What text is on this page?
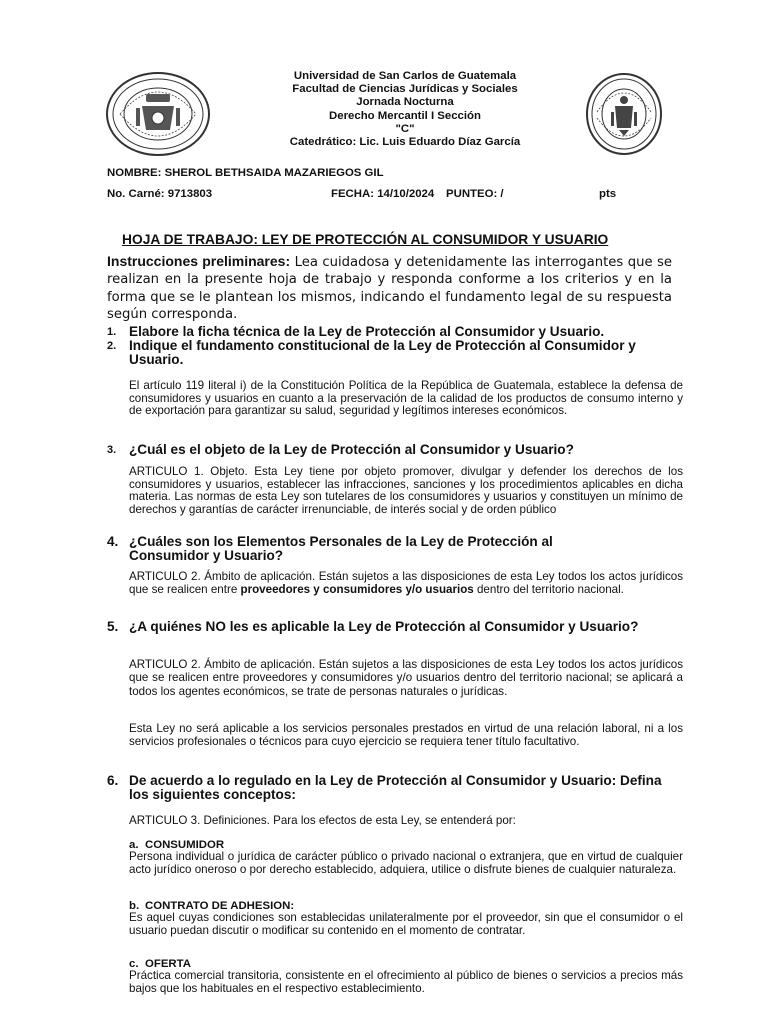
Universidad de San Carlos de Guatemala
Facultad de Ciencias Jurídicas y Sociales
Jornada Nocturna
Derecho Mercantil I Sección
"C"
Catedrático: Lic. Luis Eduardo Díaz García
NOMBRE: SHEROL BETHSAIDA MAZARIEGOS GIL
No. Carné: 9713803	FECHA: 14/10/2024 PUNTEO: /	pts
HOJA DE TRABAJO: LEY DE PROTECCIÓN AL CONSUMIDOR Y USUARIO

Instrucciones preliminares: Lea cuidadosa y detenidamente las interrogantes que se realizan en la presente hoja de trabajo y responda conforme a los criterios y en la forma que se le plantean los mismos, indicando el fundamento legal de su respuesta según corresponda.

1. Elabore la ficha técnica de la Ley de Protección al Consumidor y Usuario.
2. Indique el fundamento constitucional de la Ley de Protección al Consumidor y Usuario.

El artículo 119 literal i) de la Constitución Política de la República de Guatemala, establece la defensa de consumidores y usuarios en cuanto a la preservación de la calidad de los productos de consumo interno y de exportación para garantizar su salud, seguridad y legítimos intereses económicos.

3. ¿Cuál es el objeto de la Ley de Protección al Consumidor y Usuario?

ARTICULO 1. Objeto. Esta Ley tiene por objeto promover, divulgar y defender los derechos de los consumidores y usuarios, establecer las infracciones, sanciones y los procedimientos aplicables en dicha materia. Las normas de esta Ley son tutelares de los consumidores y usuarios y constituyen un mínimo de derechos y garantías de carácter irrenunciable, de interés social y de orden público

4. ¿Cuáles son los Elementos Personales de la Ley de Protección al Consumidor y Usuario?

ARTICULO 2. Ámbito de aplicación. Están sujetos a las disposiciones de esta Ley todos los actos jurídicos que se realicen entre proveedores y consumidores y/o usuarios dentro del territorio nacional.

5. ¿A quiénes NO les es aplicable la Ley de Protección al Consumidor y Usuario?

ARTICULO 2. Ámbito de aplicación. Están sujetos a las disposiciones de esta Ley todos los actos jurídicos que se realicen entre proveedores y consumidores y/o usuarios dentro del territorio nacional; se aplicará a todos los agentes económicos, se trate de personas naturales o jurídicas.

Esta Ley no será aplicable a los servicios personales prestados en virtud de una relación laboral, ni a los servicios profesionales o técnicos para cuyo ejercicio se requiera tener título facultativo.

6. De acuerdo a lo regulado en la Ley de Protección al Consumidor y Usuario: Defina los siguientes conceptos:

ARTICULO 3. Definiciones. Para los efectos de esta Ley, se entenderá por:

a. CONSUMIDOR

Persona individual o jurídica de carácter público o privado nacional o extranjera, que en virtud de cualquier acto jurídico oneroso o por derecho establecido, adquiera, utilice o disfrute bienes de cualquier naturaleza.

b. CONTRATO DE ADHESION:

Es aquel cuyas condiciones son establecidas unilateralmente por el proveedor, sin que el consumidor o el usuario puedan discutir o modificar su contenido en el momento de contratar.

c. OFERTA

Práctica comercial transitoria, consistente en el ofrecimiento al público de bienes o servicios a precios más bajos que los habituales en el respectivo establecimiento.
